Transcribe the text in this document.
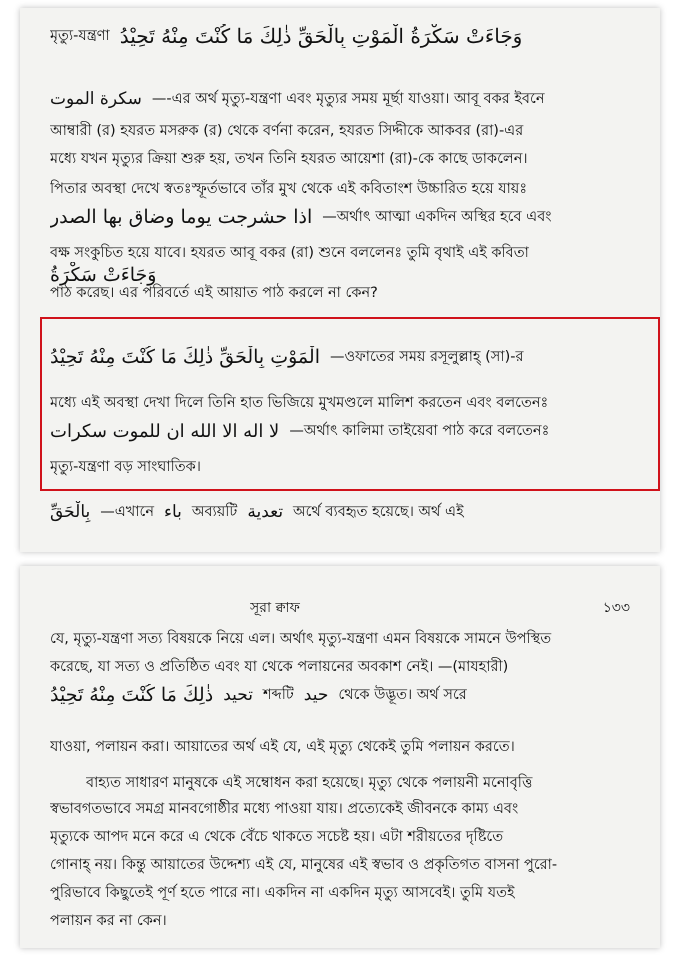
মৃত্যু-যন্ত্রণা وَجَاءَتْ سَكْرَةُ الْمَوْتِ بِالْحَقِّ ذٰلِكَ مَا كُنْتَ مِنْهُ تَحِيْدُ
سكرة الموت —-এর অর্থ মৃত্যু-যন্ত্রণা এবং মৃত্যুর সময় মূর্ছা যাওয়া। আবূ বকর ইবনে
আম্বারী (র) হযরত মসরুক (র) থেকে বর্ণনা করেন, হযরত সিদ্দীকে আকবর (রা)-এর
মধ্যে যখন মৃত্যুর ক্রিয়া শুরু হয়, তখন তিনি হযরত আয়েশা (রা)-কে কাছে ডাকলেন।
পিতার অবস্থা দেখে স্বতঃস্ফূর্তভাবে তাঁর মুখ থেকে এই কবিতাংশ উচ্চারিত হয়ে যায়ঃ
اذا حشرجت يوما وضاق بها الصدر —অর্থাৎ আত্মা একদিন অস্থির হবে এবং
বক্ষ সংকুচিত হয়ে যাবে। হযরত আবূ বকর (রা) শুনে বললেনঃ তুমি বৃথাই এই কবিতা
وَجَاءَتْ سَكْرَةُ
পাঠ করেছ। এর পরিবর্তে এই আয়াত পাঠ করলে না কেন?
الْمَوْتِ بِالْحَقِّ ذٰلِكَ مَا كُنْتَ مِنْهُ تَحِيْدُ —ওফাতের সময় রসূলুল্লাহ্ (সা)-র
মধ্যে এই অবস্থা দেখা দিলে তিনি হাত ভিজিয়ে মুখমণ্ডলে মালিশ করতেন এবং বলতেনঃ
لا اله الا الله ان للموت سكرات —অর্থাৎ কালিমা তাইয়েবা পাঠ করে বলতেনঃ
মৃত্যু-যন্ত্রণা বড় সাংঘাতিক।
بِالْحَقِّ —এখানে باء অব্যয়টি تعدية অর্থে ব্যবহৃত হয়েছে। অর্থ এই
সূরা ক্বাফ	১৩৩
যে, মৃত্যু-যন্ত্রণা সত্য বিষয়কে নিয়ে এল। অর্থাৎ মৃত্যু-যন্ত্রণা এমন বিষয়কে সামনে উপস্থিত
করেছে, যা সত্য ও প্রতিষ্ঠিত এবং যা থেকে পলায়নের অবকাশ নেই। —(মাযহারী)
ذٰلِكَ مَا كُنْتَ مِنْهُ تَحِيْدُ تحيد শব্দটি حيد থেকে উদ্ভূত। অর্থ সরে
যাওয়া, পলায়ন করা। আয়াতের অর্থ এই যে, এই মৃত্যু থেকেই তুমি পলায়ন করতে।
বাহ্যত সাধারণ মানুষকে এই সম্বোধন করা হয়েছে। মৃত্যু থেকে পলায়নী মনোবৃত্তি
স্বভাবগতভাবে সমগ্র মানবগোষ্ঠীর মধ্যে পাওয়া যায়। প্রত্যেকেই জীবনকে কাম্য এবং
মৃত্যুকে আপদ মনে করে এ থেকে বেঁচে থাকতে সচেষ্ট হয়। এটা শরীয়তের দৃষ্টিতে
গোনাহ্ নয়। কিন্তু আয়াতের উদ্দেশ্য এই যে, মানুষের এই স্বভাব ও প্রকৃতিগত বাসনা পুরো-
পুরিভাবে কিছুতেই পূর্ণ হতে পারে না। একদিন না একদিন মৃত্যু আসবেই। তুমি যতই
পলায়ন কর না কেন।
